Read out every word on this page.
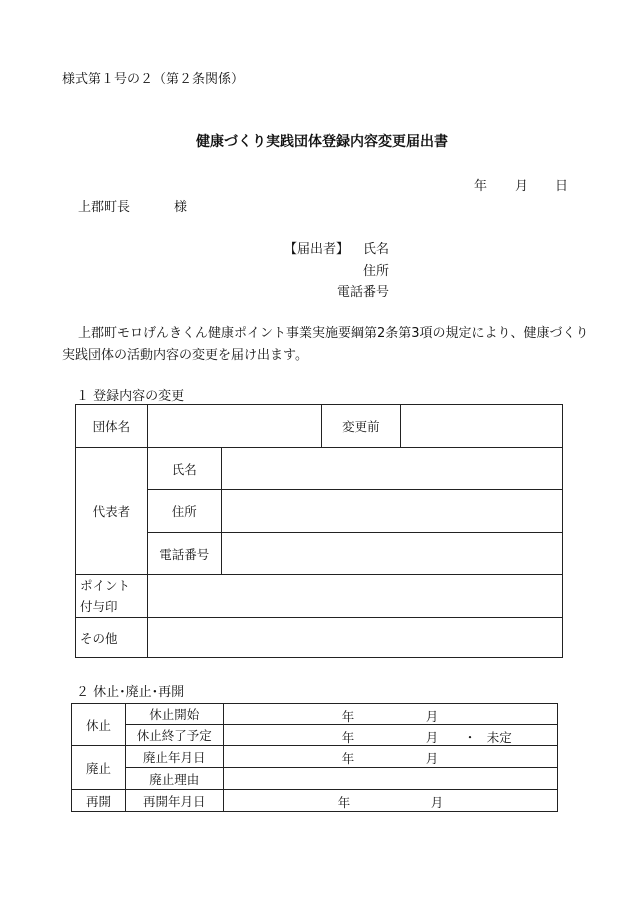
様式第１号の２（第２条関係）
健康づくり実践団体登録内容変更届出書
年 月 日
上郡町長	様
【届出者】 氏名
住所
電話番号
上郡町モロげんきくん健康ポイント事業実施要綱第2条第3項の規定により、健康づくり
実践団体の活動内容の変更を届け出ます。
１ 登録内容の変更
団体名			変更前	
代表者	氏名			
	住所			
	電話番号			

ポイント
付与印				

その他				
２ 休止･廃止･再開
休止	休止開始	年 月

	休止終了予定	年 月 ・ 未定

廃止	廃止年月日	年 月

	廃止理由	
再開	再開年月日	年 月
